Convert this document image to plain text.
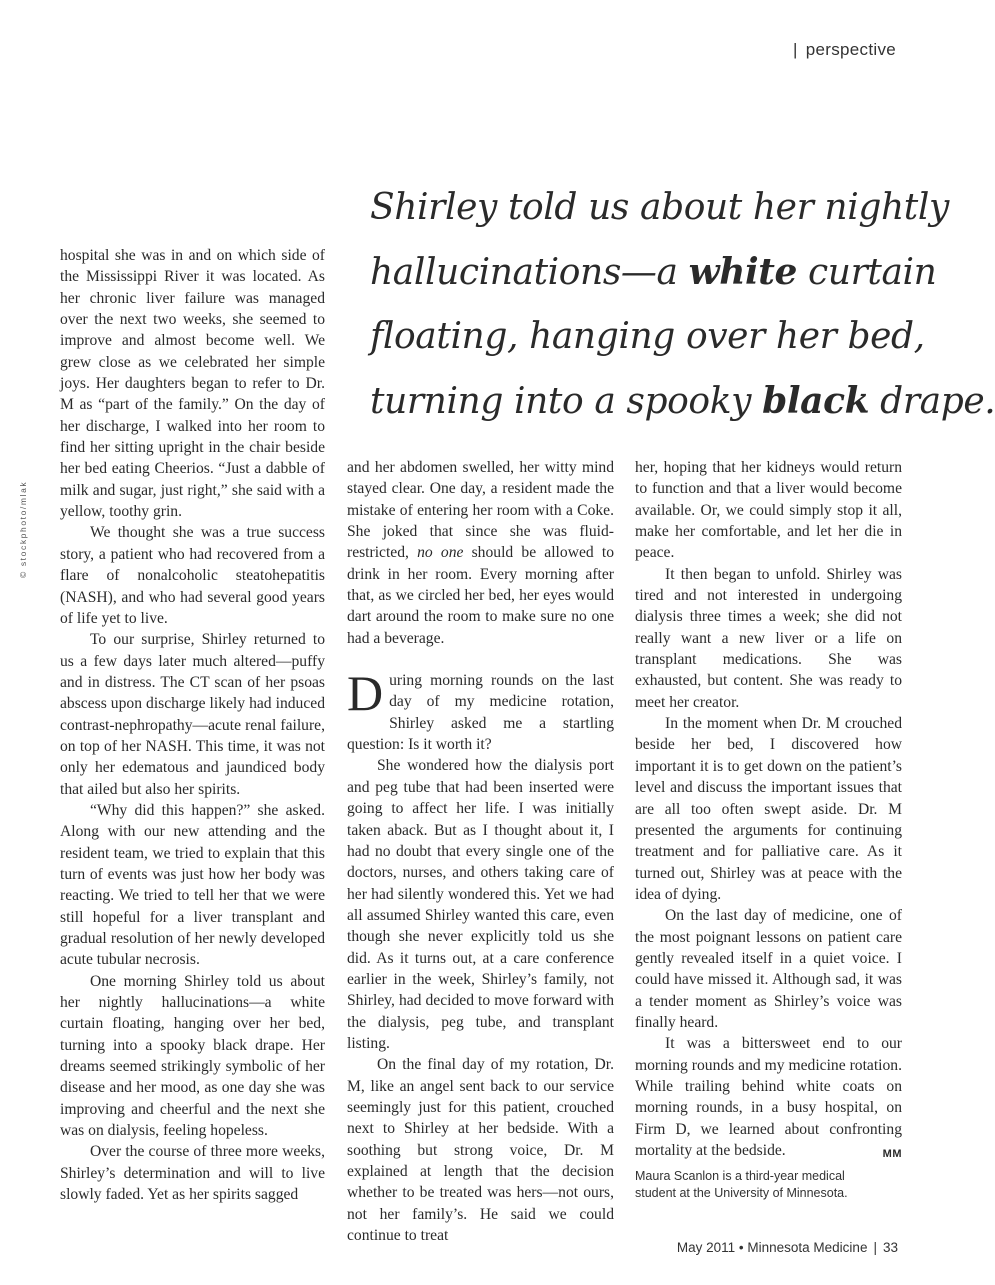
| perspective
© stockphoto/mlak
Shirley told us about her nightly
hallucinations—a white curtain
floating, hanging over her bed,
turning into a spooky black drape.

hospital she was in and on which side of the Mississippi River it was located. As her chronic liver failure was managed over the next two weeks, she seemed to improve and almost become well. We grew close as we celebrated her simple joys. Her daughters began to refer to Dr. M as “part of the family.” On the day of her discharge, I walked into her room to find her sitting upright in the chair beside her bed eating Cheerios. “Just a dabble of milk and sugar, just right,” she said with a yellow, toothy grin.

We thought she was a true success story, a patient who had recovered from a flare of nonalcoholic steatohepatitis (NASH), and who had several good years of life yet to live.

To our surprise, Shirley returned to us a few days later much altered—puffy and in distress. The CT scan of her psoas abscess upon discharge likely had induced contrast-nephropathy—acute renal failure, on top of her NASH. This time, it was not only her edematous and jaundiced body that ailed but also her spirits.

“Why did this happen?” she asked. Along with our new attending and the resident team, we tried to explain that this turn of events was just how her body was reacting. We tried to tell her that we were still hopeful for a liver transplant and gradual resolution of her newly developed acute tubular necrosis.

One morning Shirley told us about her nightly hallucinations—a white curtain floating, hanging over her bed, turning into a spooky black drape. Her dreams seemed strikingly symbolic of her disease and her mood, as one day she was improving and cheerful and the next she was on dialysis, feeling hopeless.

Over the course of three more weeks, Shirley’s determination and will to live slowly faded. Yet as her spirits sagged

and her abdomen swelled, her witty mind stayed clear. One day, a resident made the mistake of entering her room with a Coke. She joked that since she was fluid-restricted, no one should be allowed to drink in her room. Every morning after that, as we circled her bed, her eyes would dart around the room to make sure no one had a beverage.

During morning rounds on the last day of my medicine rotation, Shirley asked me a startling question: Is it worth it?

She wondered how the dialysis port and peg tube that had been inserted were going to affect her life. I was initially taken aback. But as I thought about it, I had no doubt that every single one of the doctors, nurses, and others taking care of her had silently wondered this. Yet we had all assumed Shirley wanted this care, even though she never explicitly told us she did. As it turns out, at a care conference earlier in the week, Shirley’s family, not Shirley, had decided to move forward with the dialysis, peg tube, and transplant listing.

On the final day of my rotation, Dr. M, like an angel sent back to our service seemingly just for this patient, crouched next to Shirley at her bedside. With a soothing but strong voice, Dr. M explained at length that the decision whether to be treated was hers—not ours, not her family’s. He said we could continue to treat

her, hoping that her kidneys would return to function and that a liver would become available. Or, we could simply stop it all, make her comfortable, and let her die in peace.

It then began to unfold. Shirley was tired and not interested in undergoing dialysis three times a week; she did not really want a new liver or a life on transplant medications. She was exhausted, but content. She was ready to meet her creator.

In the moment when Dr. M crouched beside her bed, I discovered how important it is to get down on the patient’s level and discuss the important issues that are all too often swept aside. Dr. M presented the arguments for continuing treatment and for palliative care. As it turned out, Shirley was at peace with the idea of dying.

On the last day of medicine, one of the most poignant lessons on patient care gently revealed itself in a quiet voice. I could have missed it. Although sad, it was a tender moment as Shirley’s voice was finally heard.

It was a bittersweet end to our morning rounds and my medicine rotation. While trailing behind white coats on morning rounds, in a busy hospital, on Firm D, we learned about confronting mortality at the bedside.	MM

Maura Scanlon is a third-year medical
student at the University of Minnesota.
May 2011 • Minnesota Medicine | 33
